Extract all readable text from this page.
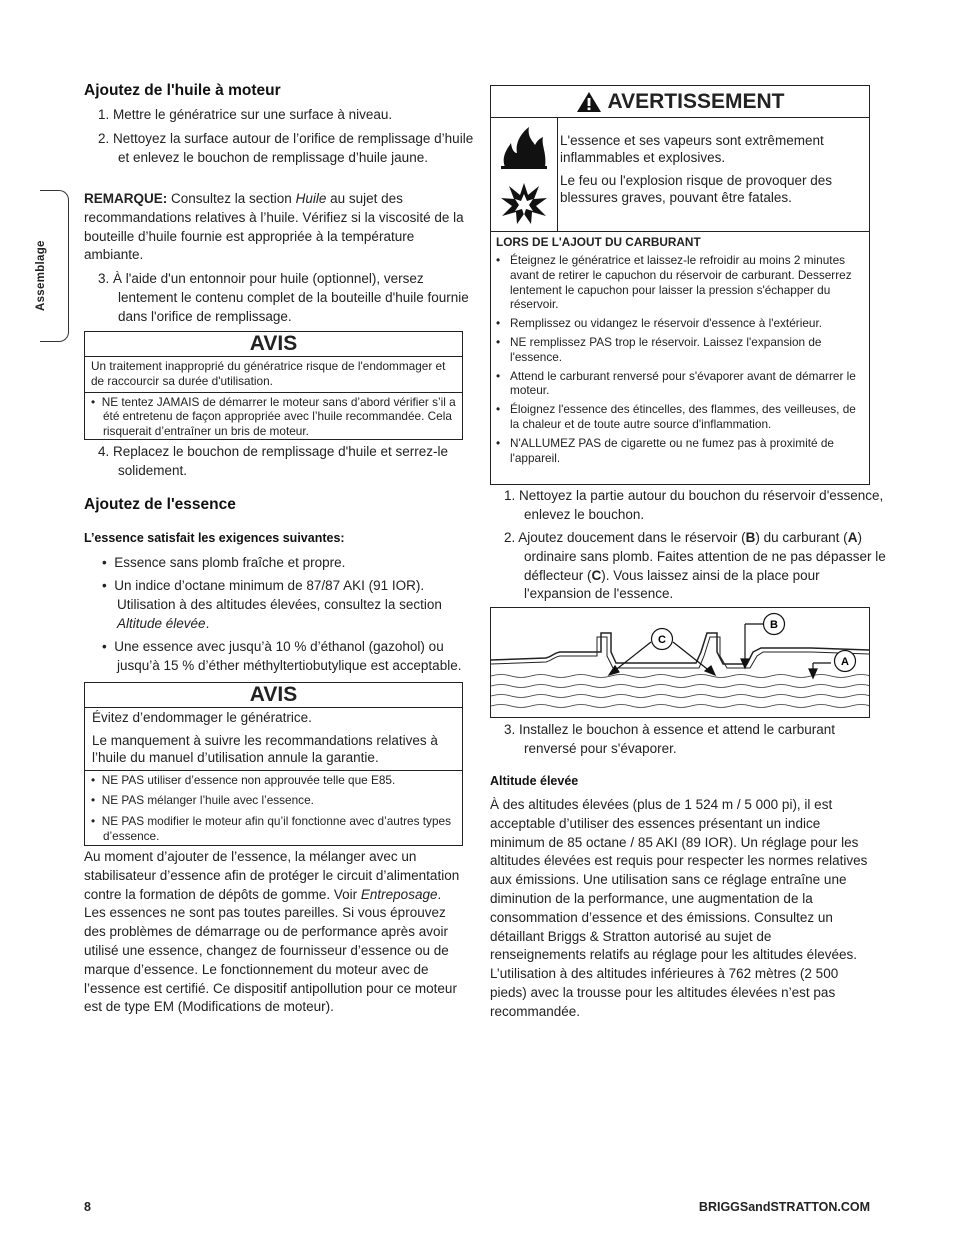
Assemblage
Ajoutez de l'huile à moteur

1. Mettre le génératrice sur une surface à niveau.

2. Nettoyez la surface autour de l’orifice de remplissage d’huile et enlevez le bouchon de remplissage d’huile jaune.

REMARQUE: Consultez la section Huile au sujet des recommandations relatives à l’huile. Vérifiez si la viscosité de la bouteille d’huile fournie est appropriée à la température ambiante.

3. À l'aide d'un entonnoir pour huile (optionnel), versez lentement le contenu complet de la bouteille d'huile fournie dans l'orifice de remplissage.

AVIS
Un traitement inapproprié du génératrice risque de l'endommager et de raccourcir sa durée d'utilisation.
•  NE tentez JAMAIS de démarrer le moteur sans d’abord vérifier s’il a été entretenu de façon appropriée avec l’huile recommandée. Cela risquerait d’entraîner un bris de moteur.

4. Replacez le bouchon de remplissage d'huile et serrez-le solidement.

Ajoutez de l'essence
L’essence satisfait les exigences suivantes:

•  Essence sans plomb fraîche et propre.

•  Un indice d’octane minimum de 87/87 AKI (91 IOR). Utilisation à des altitudes élevées, consultez la section Altitude élevée.

•  Une essence avec jusqu’à 10 % d’éthanol (gazohol) ou jusqu’à 15 % d’éther méthyltertiobutylique est acceptable.

AVIS
Évitez d’endommager le génératrice.
Le manquement à suivre les recommandations relatives à l’huile du manuel d’utilisation annule la garantie.
•  NE PAS utiliser d’essence non approuvée telle que E85.
•  NE PAS mélanger l’huile avec l’essence.
•  NE PAS modifier le moteur afin qu’il fonctionne avec d’autres types d’essence.

Au moment d’ajouter de l’essence, la mélanger avec un stabilisateur d’essence afin de protéger le circuit d’alimentation contre la formation de dépôts de gomme. Voir Entreposage. Les essences ne sont pas toutes pareilles. Si vous éprouvez des problèmes de démarrage ou de performance après avoir utilisé une essence, changez de fournisseur d’essence ou de marque d’essence. Le fonctionnement du moteur avec de l’essence est certifié. Ce dispositif antipollution pour ce moteur est de type EM (Modifications de moteur).

AVERTISSEMENT
L'essence et ses vapeurs sont extrêmement inflammables et explosives.
Le feu ou l'explosion risque de provoquer des blessures graves, pouvant être fatales.
LORS DE L'AJOUT DU CARBURANT
•   Éteignez le génératrice et laissez-le refroidir au moins 2 minutes avant de retirer le capuchon du réservoir de carburant. Desserrez lentement le capuchon pour laisser la pression s'échapper du réservoir.
•   Remplissez ou vidangez le réservoir d'essence à l'extérieur.
•   NE remplissez PAS trop le réservoir. Laissez l'expansion de l'essence.
•   Attend le carburant renversé pour s'évaporer avant de démarrer le moteur.
•   Éloignez l'essence des étincelles, des flammes, des veilleuses, de la chaleur et de toute autre source d'inflammation.
•   N'ALLUMEZ PAS de cigarette ou ne fumez pas à proximité de l'appareil.

1. Nettoyez la partie autour du bouchon du réservoir d'essence, enlevez le bouchon.

2. Ajoutez doucement dans le réservoir (B) du carburant (A) ordinaire sans plomb. Faites attention de ne pas dépasser le déflecteur (C). Vous laissez ainsi de la place pour l'expansion de l'essence.

C
B
A

3. Installez le bouchon à essence et attend le carburant renversé pour s'évaporer.

Altitude élevée

À des altitudes élevées (plus de 1 524 m / 5 000 pi), il est acceptable d’utiliser des essences présentant un indice minimum de 85 octane / 85 AKI (89 IOR). Un réglage pour les altitudes élevées est requis pour respecter les normes relatives aux émissions. Une utilisation sans ce réglage entraîne une diminution de la performance, une augmentation de la consommation d’essence et des émissions. Consultez un détaillant Briggs & Stratton autorisé au sujet de renseignements relatifs au réglage pour les altitudes élevées. L’utilisation à des altitudes inférieures à 762 mètres (2 500 pieds) avec la trousse pour les altitudes élevées n’est pas recommandée.

8	BRIGGSandSTRATTON.COM
